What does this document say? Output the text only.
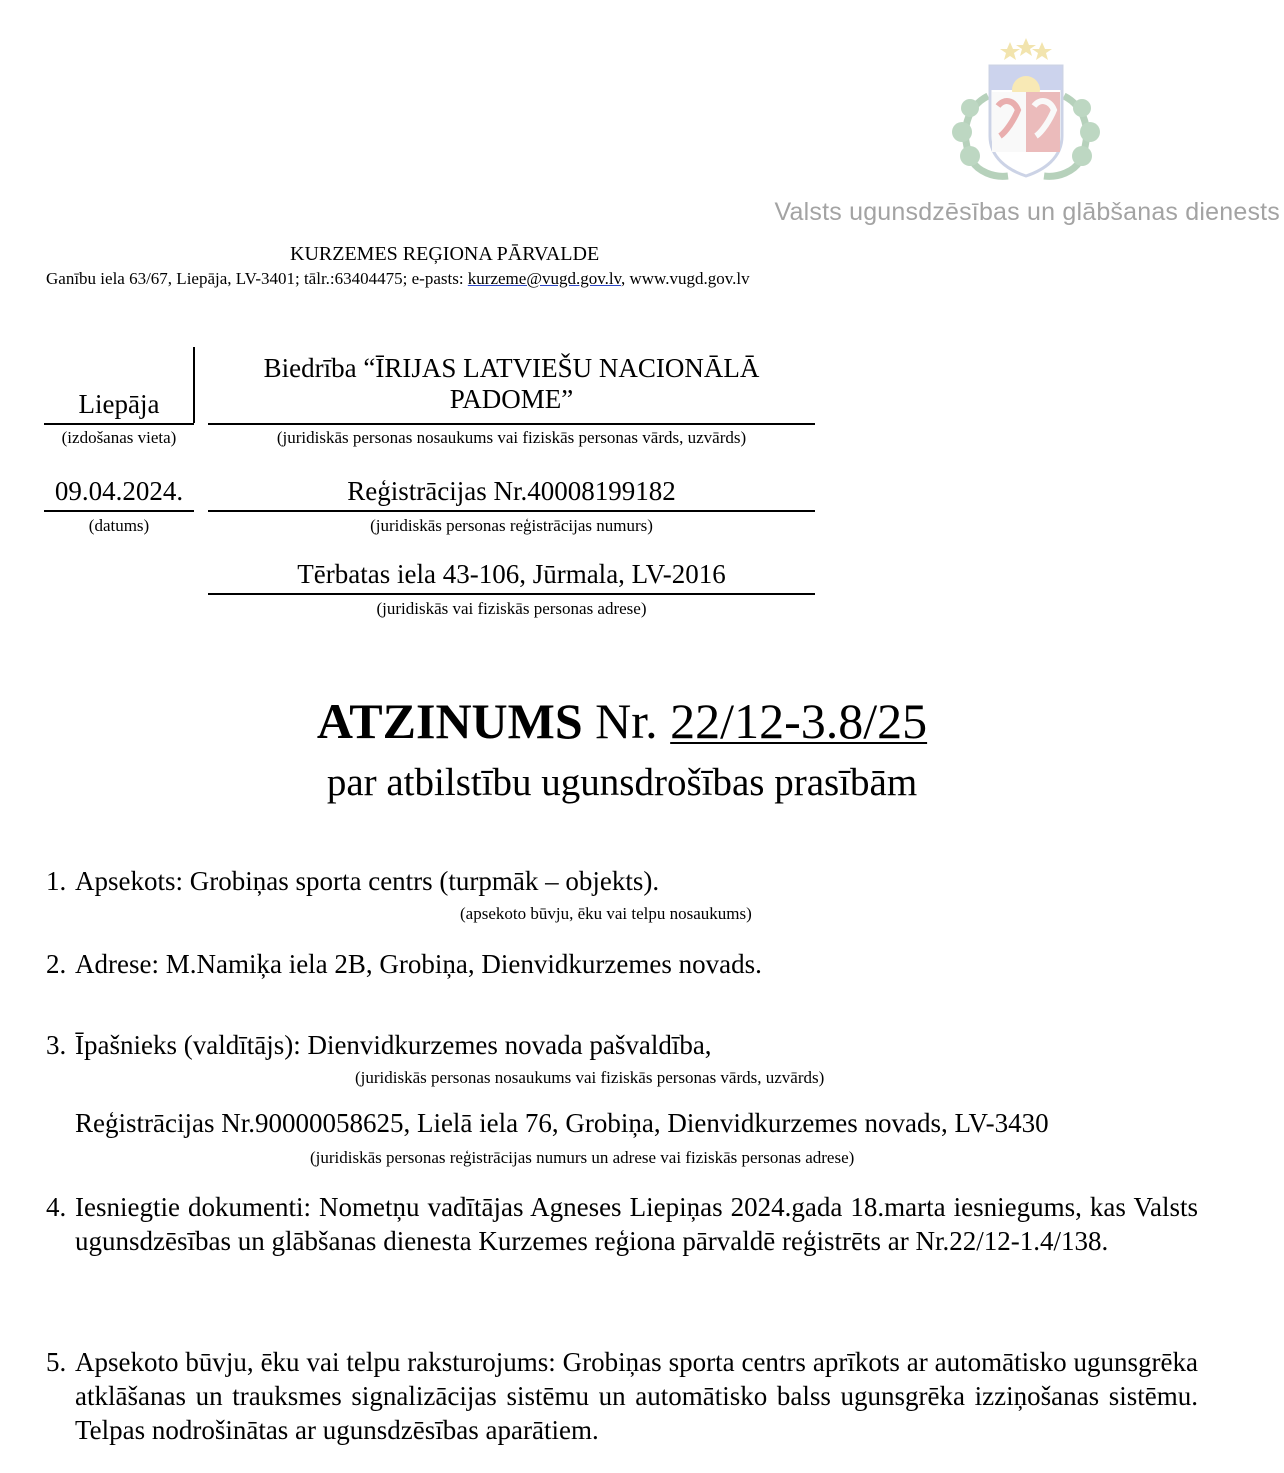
Valsts ugunsdzēsības un glābšanas dienests
KURZEMES REĢIONA PĀRVALDE
Ganību iela 63/67, Liepāja, LV-3401; tālr.:63404475; e-pasts: kurzeme@vugd.gov.lv, www.vugd.gov.lv
Liepāja
(izdošanas vieta)
Biedrība “ĪRIJAS LATVIEŠU NACIONĀLĀ PADOME”
(juridiskās personas nosaukums vai fiziskās personas vārds, uzvārds)
09.04.2024.
(datums)
Reģistrācijas Nr.40008199182
(juridiskās personas reģistrācijas numurs)
Tērbatas iela 43-106, Jūrmala, LV-2016
(juridiskās vai fiziskās personas adrese)
ATZINUMS Nr. 22/12-3.8/25
par atbilstību ugunsdrošības prasībām
1. Apsekots: Grobiņas sporta centrs (turpmāk – objekts).
(apsekoto būvju, ēku vai telpu nosaukums)
2. Adrese: M.Namiķa iela 2B, Grobiņa, Dienvidkurzemes novads.
3. Īpašnieks (valdītājs): Dienvidkurzemes novada pašvaldība,
(juridiskās personas nosaukums vai fiziskās personas vārds, uzvārds)
Reģistrācijas Nr.90000058625, Lielā iela 76, Grobiņa, Dienvidkurzemes novads, LV-3430
(juridiskās personas reģistrācijas numurs un adrese vai fiziskās personas adrese)
4. Iesniegtie dokumenti: Nometņu vadītājas Agneses Liepiņas 2024.gada 18.marta iesniegums, kas Valsts ugunsdzēsības un glābšanas dienesta Kurzemes reģiona pārvaldē reģistrēts ar Nr.22/12-1.4/138.
5. Apsekoto būvju, ēku vai telpu raksturojums: Grobiņas sporta centrs aprīkots ar automātisko ugunsgrēka atklāšanas un trauksmes signalizācijas sistēmu un automātisko balss ugunsgrēka izziņošanas sistēmu. Telpas nodrošinātas ar ugunsdzēsības aparātiem.
